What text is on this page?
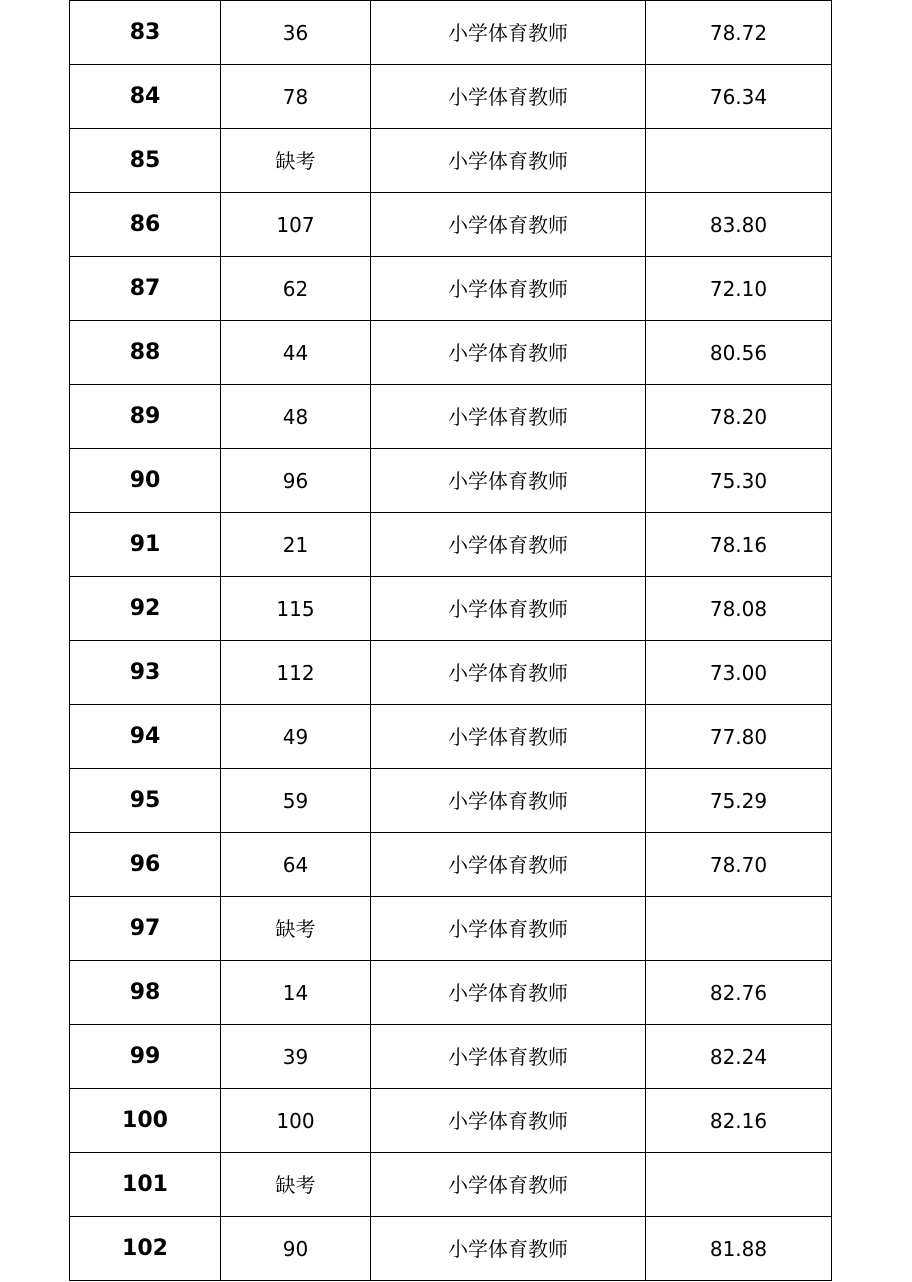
83	36	小学体育教师	78.72
84	78	小学体育教师	76.34
85	缺考	小学体育教师	
86	107	小学体育教师	83.80
87	62	小学体育教师	72.10
88	44	小学体育教师	80.56
89	48	小学体育教师	78.20
90	96	小学体育教师	75.30
91	21	小学体育教师	78.16
92	115	小学体育教师	78.08
93	112	小学体育教师	73.00
94	49	小学体育教师	77.80
95	59	小学体育教师	75.29
96	64	小学体育教师	78.70
97	缺考	小学体育教师	
98	14	小学体育教师	82.76
99	39	小学体育教师	82.24
100	100	小学体育教师	82.16
101	缺考	小学体育教师	
102	90	小学体育教师	81.88
